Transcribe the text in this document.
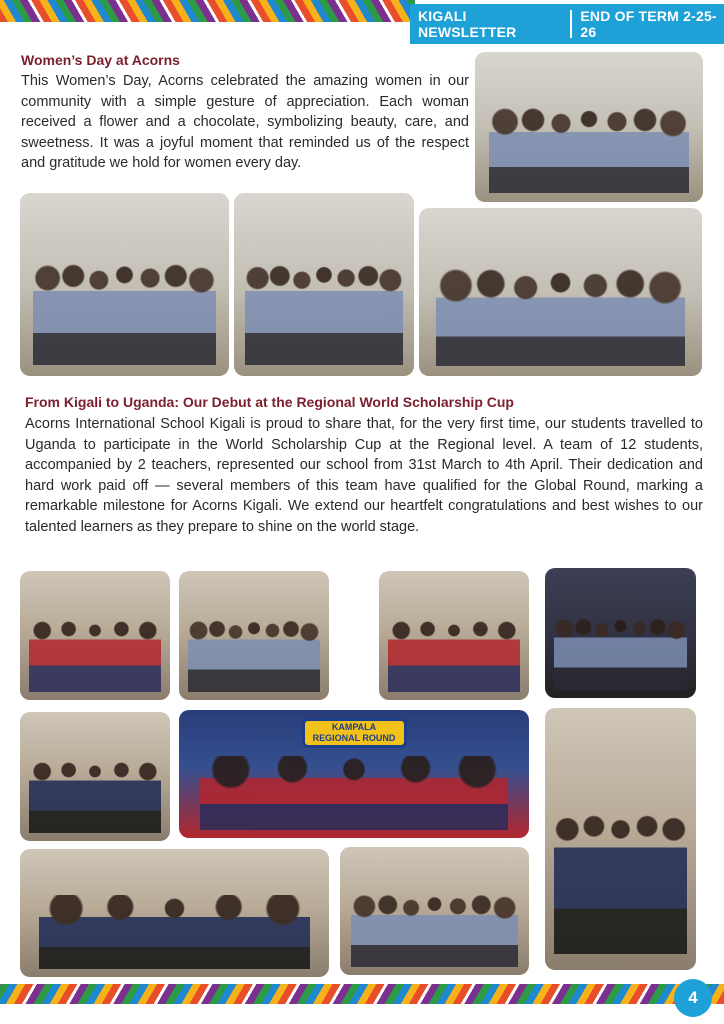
KIGALI NEWSLETTER
END OF TERM 2-25-26
Women’s Day at Acorns
This Women’s Day, Acorns celebrated the amazing women in our community with a simple gesture of appreciation. Each woman received a flower and a chocolate, symbolizing beauty, care, and sweetness. It was a joyful moment that reminded us of the respect and gratitude we hold for women every day.
From Kigali to Uganda: Our Debut at the Regional World Scholarship Cup
Acorns International School Kigali is proud to share that, for the very first time, our students travelled to Uganda to participate in the World Scholarship Cup at the Regional level. A team of 12 students, accompanied by 2 teachers, represented our school from 31st March to 4th April. Their dedication and hard work paid off — several members of this team have qualified for the Global Round, marking a remarkable milestone for Acorns Kigali. We extend our heartfelt congratulations and best wishes to our talented learners as they prepare to shine on the world stage.
KAMPALA
REGIONAL ROUND
4
